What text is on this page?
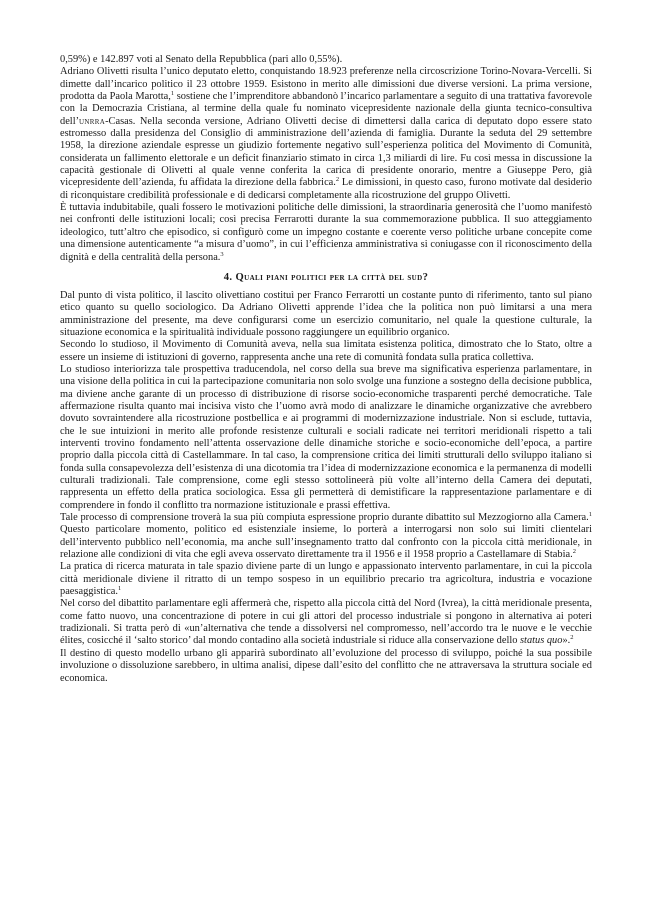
0,59%) e 142.897 voti al Senato della Repubblica (pari allo 0,55%).

Adriano Olivetti risulta l’unico deputato eletto, conquistando 18.923 preferenze nella circoscrizione Torino-Novara-Vercelli. Si dimette dall’incarico politico il 23 ottobre 1959. Esistono in merito alle dimissioni due diverse versioni. La prima versione, prodotta da Paola Marotta,$^1$ sostiene che l’imprenditore abbandonò l’incarico parlamentare a seguito di una trattativa favorevole con la Democrazia Cristiana, al termine della quale fu nominato vicepresidente nazionale della giunta tecnico-consultiva dell’unrra-Casas. Nella seconda versione, Adriano Olivetti decise di dimettersi dalla carica di deputato dopo essere stato estromesso dalla presidenza del Consiglio di amministrazione dell’azienda di famiglia. Durante la seduta del 29 settembre 1958, la direzione aziendale espresse un giudizio fortemente negativo sull’esperienza politica del Movimento di Comunità, considerata un fallimento elettorale e un deficit finanziario stimato in circa 1,3 miliardi di lire. Fu così messa in discussione la capacità gestionale di Olivetti al quale venne conferita la carica di presidente onorario, mentre a Giuseppe Pero, già vicepresidente dell’azienda, fu affidata la direzione della fabbrica.$^2$ Le dimissioni, in questo caso, furono motivate dal desiderio di riconquistare credibilità professionale e di dedicarsi completamente alla ricostruzione del gruppo Olivetti.

È tuttavia indubitabile, quali fossero le motivazioni politiche delle dimissioni, la straordinaria generosità che l’uomo manifestò nei confronti delle istituzioni locali; così precisa Ferrarotti durante la sua commemorazione pubblica. Il suo atteggiamento ideologico, tutt’altro che episodico, si configurò come un impegno costante e coerente verso politiche urbane concepite come una dimensione autenticamente “a misura d’uomo”, in cui l’efficienza amministrativa si coniugasse con il riconoscimento della dignità e della centralità della persona.$^3$

4. Quali piani politici per la città del sud?

Dal punto di vista politico, il lascito olivettiano costituì per Franco Ferrarotti un costante punto di riferimento, tanto sul piano etico quanto su quello sociologico. Da Adriano Olivetti apprende l’idea che la politica non può limitarsi a una mera amministrazione del presente, ma deve configurarsi come un esercizio comunitario, nel quale la questione culturale, la situazione economica e la spiritualità individuale possono raggiungere un equilibrio organico.

Secondo lo studioso, il Movimento di Comunità aveva, nella sua limitata esistenza politica, dimostrato che lo Stato, oltre a essere un insieme di istituzioni di governo, rappresenta anche una rete di comunità fondata sulla pratica collettiva.

Lo studioso interiorizza tale prospettiva traducendola, nel corso della sua breve ma significativa esperienza parlamentare, in una visione della politica in cui la partecipazione comunitaria non solo svolge una funzione a sostegno della decisione pubblica, ma diviene anche garante di un processo di distribuzione di risorse socio-economiche trasparenti perché democratiche. Tale affermazione risulta quanto mai incisiva visto che l’uomo avrà modo di analizzare le dinamiche organizzative che avrebbero dovuto sovraintendere alla ricostruzione postbellica e ai programmi di modernizzazione industriale. Non si esclude, tuttavia, che le sue intuizioni in merito alle profonde resistenze culturali e sociali radicate nei territori meridionali rispetto a tali interventi trovino fondamento nell’attenta osservazione delle dinamiche storiche e socio-economiche dell’epoca, a partire proprio dalla piccola città di Castellammare. In tal caso, la comprensione critica dei limiti strutturali dello sviluppo italiano si fonda sulla consapevolezza dell’esistenza di una dicotomia tra l’idea di modernizzazione economica e la permanenza di modelli culturali tradizionali. Tale comprensione, come egli stesso sottolineerà più volte all’interno della Camera dei deputati, rappresenta un effetto della pratica sociologica. Essa gli permetterà di demistificare la rappresentazione parlamentare e di comprendere in fondo il conflitto tra normazione istituzionale e prassi effettiva.

Tale processo di comprensione troverà la sua più compiuta espressione proprio durante dibattito sul Mezzogiorno alla Camera.$^1$ Questo particolare momento, politico ed esistenziale insieme, lo porterà a interrogarsi non solo sui limiti clientelari dell’intervento pubblico nell’economia, ma anche sull’insegnamento tratto dal confronto con la piccola città meridionale, in relazione alle condizioni di vita che egli aveva osservato direttamente tra il 1956 e il 1958 proprio a Castellamare di Stabia.$^2$

La pratica di ricerca maturata in tale spazio diviene parte di un lungo e appassionato intervento parlamentare, in cui la piccola città meridionale diviene il ritratto di un tempo sospeso in un equilibrio precario tra agricoltura, industria e vocazione paesaggistica.$^1$

Nel corso del dibattito parlamentare egli affermerà che, rispetto alla piccola città del Nord (Ivrea), la città meridionale presenta, come fatto nuovo, una concentrazione di potere in cui gli attori del processo industriale si pongono in alternativa ai poteri tradizionali. Si tratta però di «un’alternativa che tende a dissolversi nel compromesso, nell’accordo tra le nuove e le vecchie élites, cosicché il ‘salto storico’ dal mondo contadino alla società industriale si riduce alla conservazione dello status quo».$^2$

Il destino di questo modello urbano gli apparirà subordinato all’evoluzione del processo di sviluppo, poiché la sua possibile involuzione o dissoluzione sarebbero, in ultima analisi, dipese dall’esito del conflitto che ne attraversava la struttura sociale ed economica.
